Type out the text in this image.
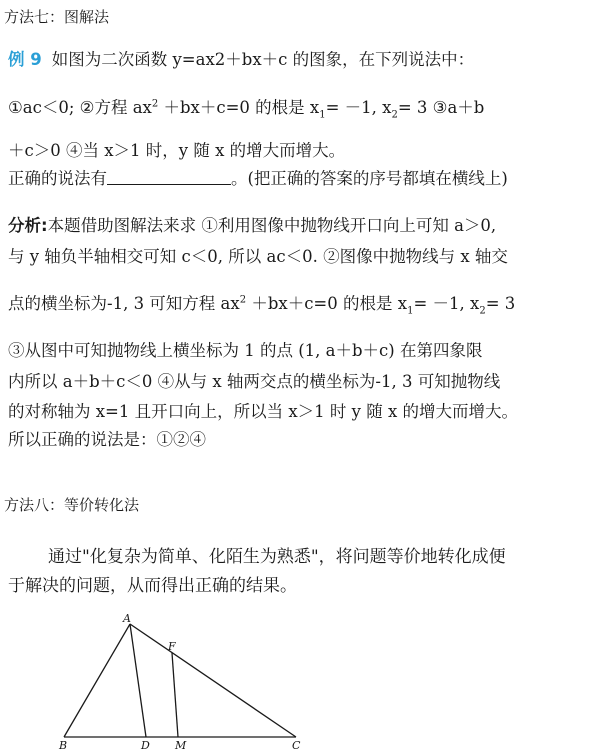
方法七：图解法
例 9 如图为二次函数 y=ax2＋bx＋c 的图象，在下列说法中：
①ac＜0; ②方程 $ax^2 +bx+c=0$ 的根是 $x_1= -1$, $x_2= 3$ ③a＋b
＋c＞0 ④当 x＞1 时，y 随 x 的增大而增大。
正确的说法有	。(把正确的答案的序号都填在横线上)
分析:本题借助图解法来求 ①利用图像中抛物线开口向上可知 a＞0,
与 y 轴负半轴相交可知 c＜0, 所以 ac＜0. ②图像中抛物线与 x 轴交
点的横坐标为-1, 3 可知方程 $ax^2 +bx+c=0$ 的根是 $x_1= -1$, $x_2= 3$
③从图中可知抛物线上横坐标为 1 的点 (1, a＋b＋c) 在第四象限
内所以 a＋b＋c＜0 ④从与 x 轴两交点的横坐标为-1, 3 可知抛物线
的对称轴为 x=1 且开口向上，所以当 x＞1 时 y 随 x 的增大而增大。
所以正确的说法是：①②④
方法八：等价转化法
通过"化复杂为简单、化陌生为熟悉"，将问题等价地转化成便
于解决的问题，从而得出正确的结果。
A
F
B	D M	C
